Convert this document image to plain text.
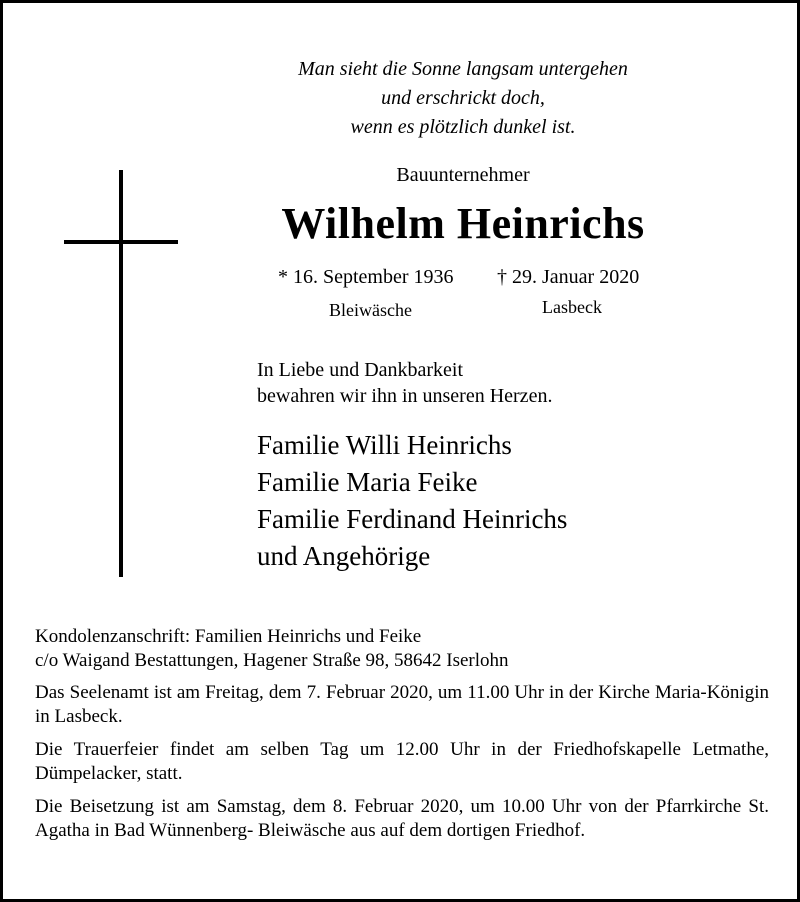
Man sieht die Sonne langsam untergehen
und erschrickt doch,
wenn es plötzlich dunkel ist.
Bauunternehmer
Wilhelm Heinrichs
* 16. September 1936 † 29. Januar 2020
Bleiwäsche	Lasbeck
In Liebe und Dankbarkeit
bewahren wir ihn in unseren Herzen.
Familie Willi Heinrichs
Familie Maria Feike
Familie Ferdinand Heinrichs
und Angehörige

Kondolenzanschrift: Familien Heinrichs und Feike
c/o Waigand Bestattungen, Hagener Straße 98, 58642 Iserlohn

Das Seelenamt ist am Freitag, dem 7. Februar 2020, um 11.00 Uhr in der Kirche Maria-Königin in Lasbeck.

Die Trauerfeier findet am selben Tag um 12.00 Uhr in der Friedhofskapelle Letmathe, Dümpelacker, statt.

Die Beisetzung ist am Samstag, dem 8. Februar 2020, um 10.00 Uhr von der Pfarrkirche St. Agatha in Bad Wünnenberg- Bleiwäsche aus auf dem dortigen Friedhof.
